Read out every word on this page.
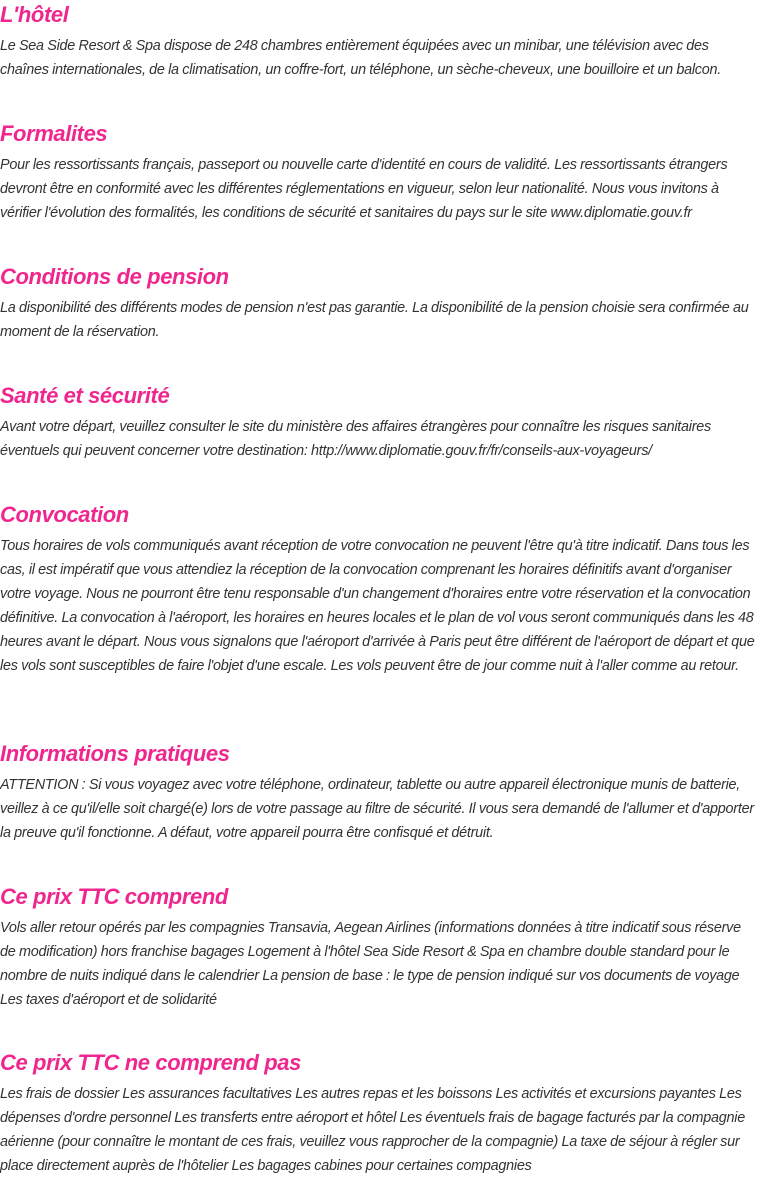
L'hôtel

Le Sea Side Resort & Spa dispose de 248 chambres entièrement équipées avec un minibar, une télévision avec des chaînes internationales, de la climatisation, un coffre-fort, un téléphone, un sèche-cheveux, une bouilloire et un balcon.

Formalites

Pour les ressortissants français, passeport ou nouvelle carte d'identité en cours de validité. Les ressortissants étrangers devront être en conformité avec les différentes réglementations en vigueur, selon leur nationalité. Nous vous invitons à vérifier l'évolution des formalités, les conditions de sécurité et sanitaires du pays sur le site www.diplomatie.gouv.fr

Conditions de pension

La disponibilité des différents modes de pension n'est pas garantie. La disponibilité de la pension choisie sera confirmée au moment de la réservation.

Santé et sécurité

Avant votre départ, veuillez consulter le site du ministère des affaires étrangères pour connaître les risques sanitaires éventuels qui peuvent concerner votre destination: http://www.diplomatie.gouv.fr/fr/conseils-aux-voyageurs/

Convocation

Tous horaires de vols communiqués avant réception de votre convocation ne peuvent l'être qu'à titre indicatif. Dans tous les cas, il est impératif que vous attendiez la réception de la convocation comprenant les horaires définitifs avant d'organiser votre voyage. Nous ne pourront être tenu responsable d'un changement d'horaires entre votre réservation et la convocation définitive. La convocation à l'aéroport, les horaires en heures locales et le plan de vol vous seront communiqués dans les 48 heures avant le départ. Nous vous signalons que l'aéroport d'arrivée à Paris peut être différent de l'aéroport de départ et que les vols sont susceptibles de faire l'objet d'une escale. Les vols peuvent être de jour comme nuit à l'aller comme au retour.

Informations pratiques

ATTENTION : Si vous voyagez avec votre téléphone, ordinateur, tablette ou autre appareil électronique munis de batterie, veillez à ce qu'il/elle soit chargé(e) lors de votre passage au filtre de sécurité. Il vous sera demandé de l'allumer et d'apporter la preuve qu'il fonctionne. A défaut, votre appareil pourra être confisqué et détruit.

Ce prix TTC comprend

Vols aller retour opérés par les compagnies Transavia, Aegean Airlines (informations données à titre indicatif sous réserve de modification) hors franchise bagages Logement à l'hôtel Sea Side Resort & Spa en chambre double standard pour le nombre de nuits indiqué dans le calendrier La pension de base : le type de pension indiqué sur vos documents de voyage Les taxes d'aéroport et de solidarité

Ce prix TTC ne comprend pas

Les frais de dossier Les assurances facultatives Les autres repas et les boissons Les activités et excursions payantes Les dépenses d'ordre personnel Les transferts entre aéroport et hôtel Les éventuels frais de bagage facturés par la compagnie aérienne (pour connaître le montant de ces frais, veuillez vous rapprocher de la compagnie) La taxe de séjour à régler sur place directement auprès de l'hôtelier Les bagages cabines pour certaines compagnies
